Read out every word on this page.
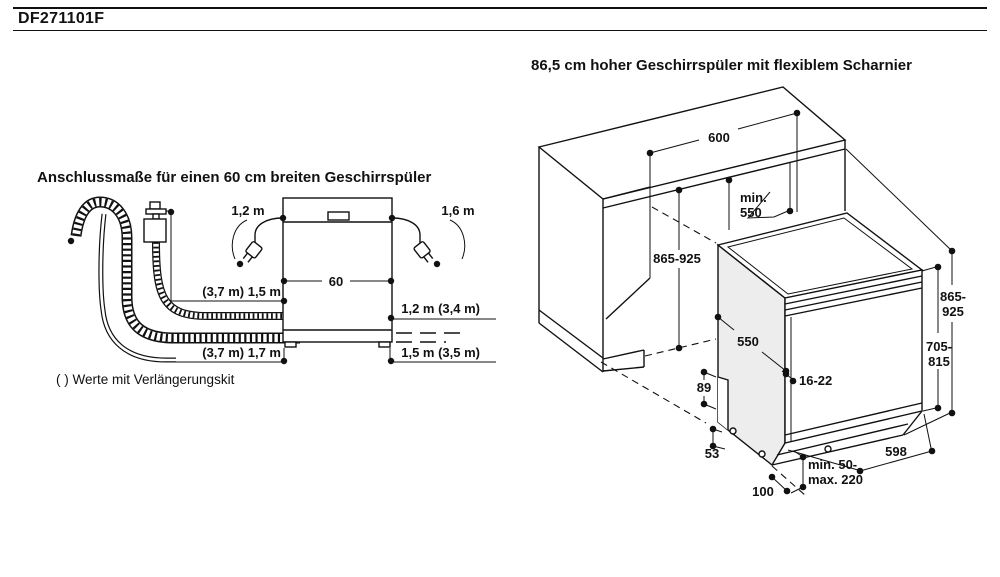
DF271101F
Anschlussmaße für einen 60 cm breiten Geschirrspüler
86,5 cm hoher Geschirrspüler mit flexiblem Scharnier
( ) Werte mit Verlängerungskit
1,2 m	1,6 m
60
(3,7 m) 1,5 m
(3,7 m) 1,7 m
1,2 m (3,4 m)
1,5 m (3,5 m)
600
min.
550
865-925
550
16-22
89
53
min. 50-
max. 220
100
598
865-
925
705-
815
